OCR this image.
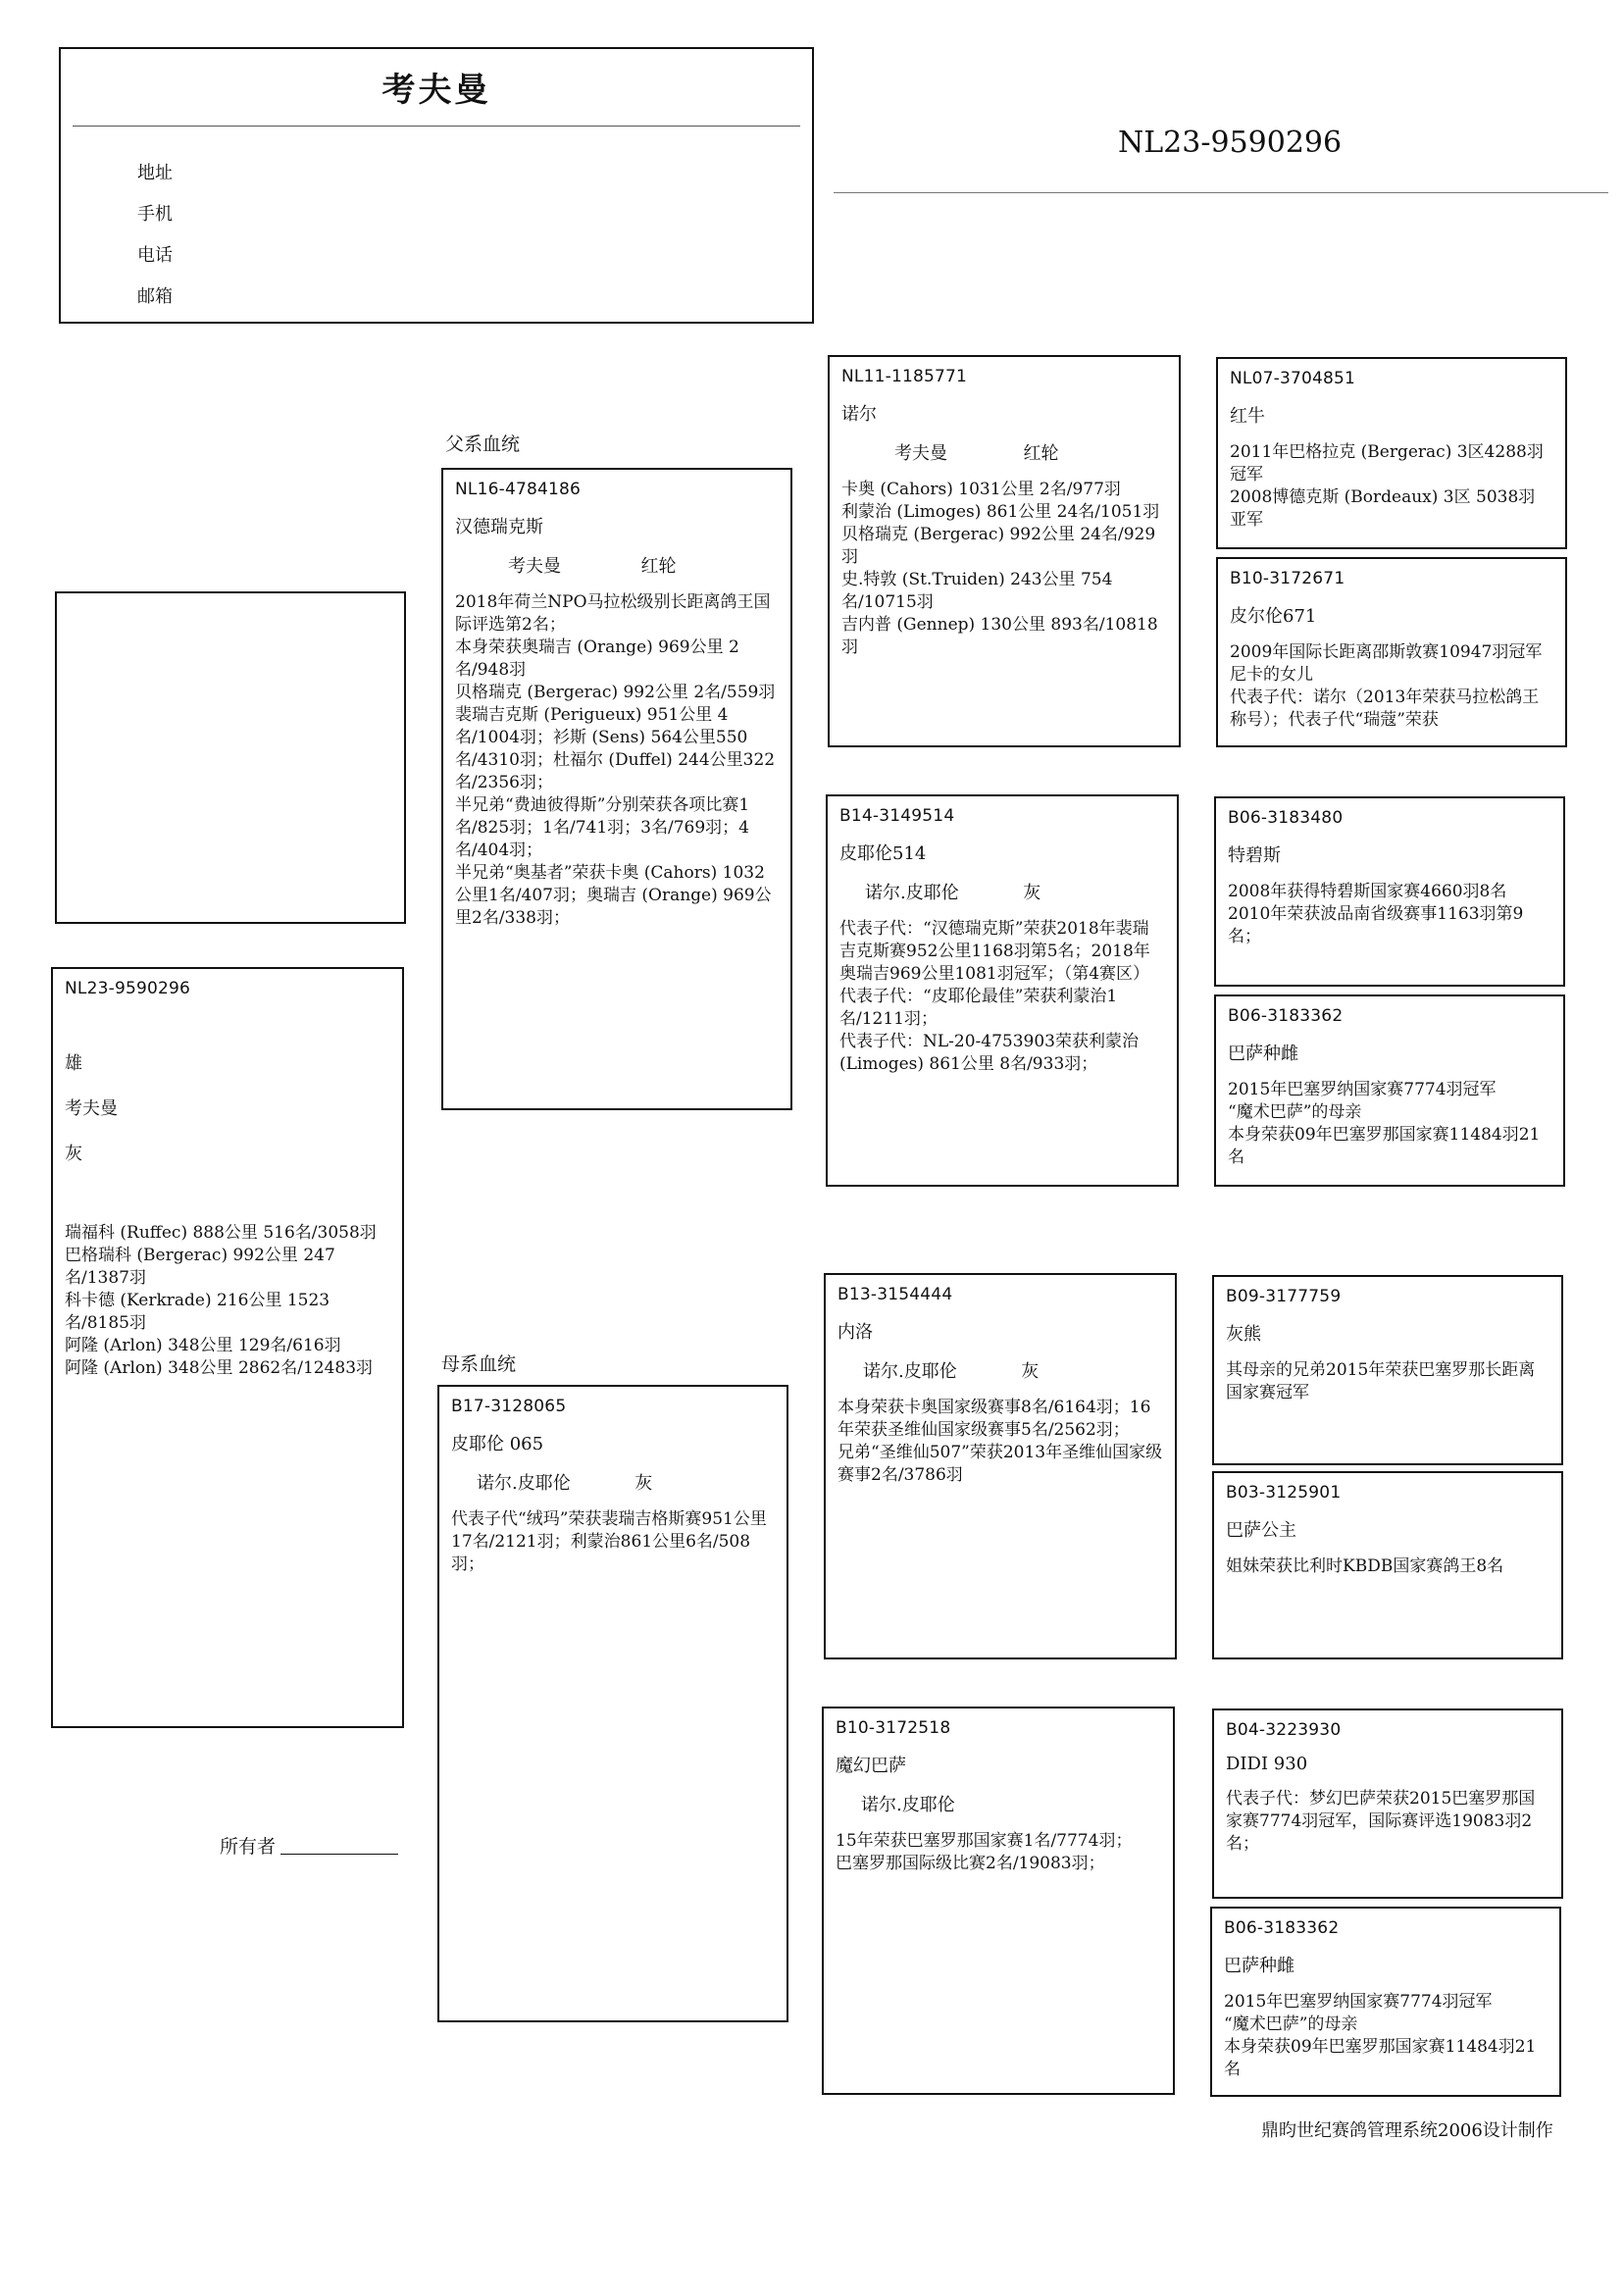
考夫曼
地址
手机
电话
邮箱
NL23-9590296
NL23-9590296
雄
考夫曼
灰
瑞福科 (Ruffec) 888公里 516名/3058羽
巴格瑞科 (Bergerac) 992公里 247名/1387羽
科卡德 (Kerkrade) 216公里 1523名/8185羽
阿隆 (Arlon) 348公里 129名/616羽
阿隆 (Arlon) 348公里 2862名/12483羽
所有者
父系血统
NL16-4784186
汉德瑞克斯
考夫曼	红轮
2018年荷兰NPO马拉松级别长距离鸽王国际评选第2名；
本身荣获奥瑞吉 (Orange) 969公里 2名/948羽
贝格瑞克 (Bergerac) 992公里 2名/559羽
裴瑞吉克斯 (Perigueux) 951公里 4名/1004羽；衫斯 (Sens) 564公里550名/4310羽；杜福尔 (Duffel) 244公里322名/2356羽；
半兄弟“费迪彼得斯”分别荣获各项比赛1名/825羽；1名/741羽；3名/769羽；4名/404羽；
半兄弟“奥基者”荣获卡奥 (Cahors) 1032公里1名/407羽；奥瑞吉 (Orange) 969公里2名/338羽；
母系血统
B17-3128065
皮耶伦 065
诺尔.皮耶伦	灰
代表子代“绒玛”荣获裴瑞吉格斯赛951公里17名/2121羽；利蒙治861公里6名/508羽；
NL11-1185771
诺尔
考夫曼	红轮
卡奥 (Cahors) 1031公里 2名/977羽
利蒙治 (Limoges) 861公里 24名/1051羽
贝格瑞克 (Bergerac) 992公里 24名/929羽
史.特敦 (St.Truiden) 243公里 754名/10715羽
吉内普 (Gennep) 130公里 893名/10818羽
B14-3149514
皮耶伦514
诺尔.皮耶伦	灰
代表子代：“汉德瑞克斯”荣获2018年裴瑞吉克斯赛952公里1168羽第5名；2018年奥瑞吉969公里1081羽冠军；（第4赛区）
代表子代：“皮耶伦最佳”荣获利蒙治1名/1211羽；
代表子代：NL-20-4753903荣获利蒙治 (Limoges) 861公里 8名/933羽；
B13-3154444
内洛
诺尔.皮耶伦	灰
本身荣获卡奥国家级赛事8名/6164羽；16年荣获圣维仙国家级赛事5名/2562羽；
兄弟“圣维仙507”荣获2013年圣维仙国家级赛事2名/3786羽
B10-3172518
魔幻巴萨
诺尔.皮耶伦
15年荣获巴塞罗那国家赛1名/7774羽；
巴塞罗那国际级比赛2名/19083羽；
NL07-3704851
红牛
2011年巴格拉克 (Bergerac) 3区4288羽冠军
2008博德克斯 (Bordeaux) 3区 5038羽 亚军
B10-3172671
皮尔伦671
2009年国际长距离邵斯敦赛10947羽冠军尼卡的女儿
代表子代：诺尔（2013年荣获马拉松鸽王称号）；代表子代“瑞蔻”荣获
B06-3183480
特碧斯
2008年获得特碧斯国家赛4660羽8名
2010年荣获波品南省级赛事1163羽第9名；
B06-3183362
巴萨种雌
2015年巴塞罗纳国家赛7774羽冠军
“魔术巴萨”的母亲
本身荣获09年巴塞罗那国家赛11484羽21名
B09-3177759
灰熊
其母亲的兄弟2015年荣获巴塞罗那长距离国家赛冠军
B03-3125901
巴萨公主
姐妹荣获比利时KBDB国家赛鸽王8名
B04-3223930
DIDI 930
代表子代：梦幻巴萨荣获2015巴塞罗那国家赛7774羽冠军，国际赛评选19083羽2名；
B06-3183362
巴萨种雌
2015年巴塞罗纳国家赛7774羽冠军
“魔术巴萨”的母亲
本身荣获09年巴塞罗那国家赛11484羽21名
鼎昀世纪赛鸽管理系统2006设计制作
